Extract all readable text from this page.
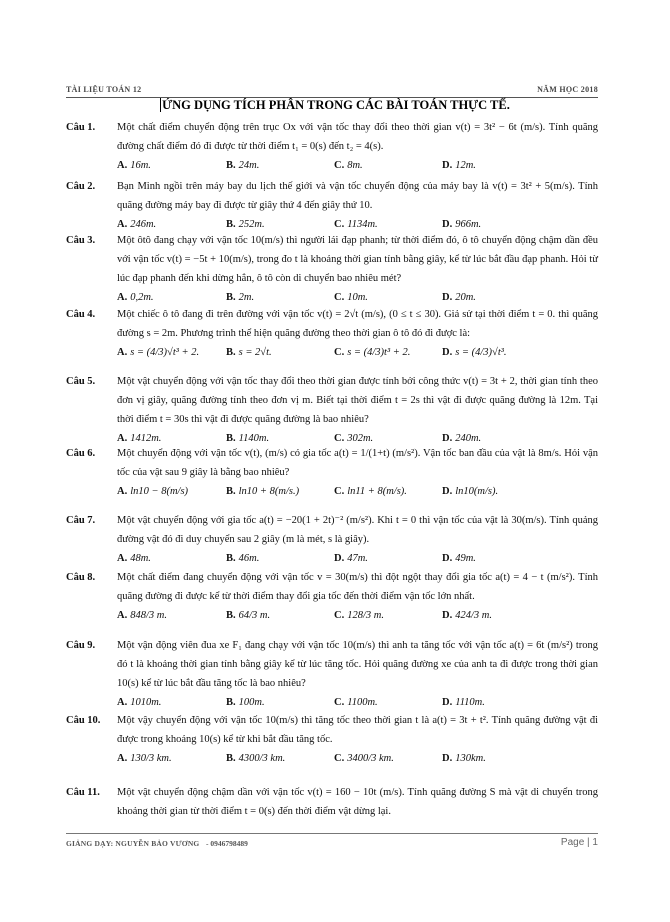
TÀI LIỆU TOÁN 12	NĂM HỌC 2018
ỨNG DỤNG TÍCH PHÂN TRONG CÁC BÀI TOÁN THỰC TẾ.
Câu 1. Một chất điểm chuyển động trên trục Ox với vận tốc thay đổi theo thời gian v(t) = 3t² − 6t (m/s). Tính quãng đường chất điểm đó đi được từ thời điểm t₁ = 0(s) đến t₂ = 4(s).
A. 16m.	B. 24m.	C. 8m.	D. 12m.
Câu 2. Bạn Minh ngồi trên máy bay du lịch thế giới và vận tốc chuyển động của máy bay là v(t) = 3t² + 5(m/s). Tính quãng đường máy bay đi được từ giây thứ 4 đến giây thứ 10.
A. 246m.	B. 252m.	C. 1134m.	D. 966m.
Câu 3. Một ôtô đang chạy với vận tốc 10(m/s) thì người lái đạp phanh; từ thời điểm đó, ô tô chuyển động chậm dần đều với vận tốc v(t) = −5t + 10(m/s), trong đo t là khoảng thời gian tính bằng giây, kể từ lúc bắt đầu đạp phanh. Hỏi từ lúc đạp phanh đến khi dừng hẳn, ô tô còn di chuyển bao nhiêu mét?
A. 0,2m.	B. 2m.	C. 10m.	D. 20m.
Câu 4. Một chiếc ô tô đang đi trên đường với vận tốc v(t) = 2√t (m/s), (0 ≤ t ≤ 30). Giả sử tại thời điểm t = 0. thì quãng đường s = 2m. Phương trình thể hiện quãng đường theo thời gian ô tô đó đi được là:
A. s = (4/3)√t³ + 2.	B. s = 2√t.	C. s = (4/3)t³ + 2.	D. s = (4/3)√t³.
Câu 5. Một vật chuyển động với vận tốc thay đổi theo thời gian được tính bởi công thức v(t) = 3t + 2, thời gian tính theo đơn vị giây, quãng đường tính theo đơn vị m. Biết tại thời điểm t = 2s thì vật đi được quãng đường là 12m. Tại thời điểm t = 30s thì vật đi được quãng đường là bao nhiêu?
A. 1412m.	B. 1140m.	C. 302m.	D. 240m.
Câu 6. Một chuyển động với vận tốc v(t), (m/s) có gia tốc a(t) = 1/(1+t) (m/s²). Vận tốc ban đầu của vật là 8m/s. Hỏi vận tốc của vật sau 9 giây là bằng bao nhiêu?
A. ln10 − 8(m/s)	B. ln10 + 8(m/s.)	C. ln11 + 8(m/s).	D. ln10(m/s).
Câu 7. Một vật chuyển động với gia tốc a(t) = −20(1 + 2t)⁻² (m/s²). Khi t = 0 thì vận tốc của vật là 30(m/s). Tính quảng đường vật đó đi duy chuyển sau 2 giây (m là mét, s là giây).
A. 48m.	B. 46m.	D. 47m.	D. 49m.
Câu 8. Một chất điểm đang chuyển động với vận tốc v = 30(m/s) thì đột ngột thay đổi gia tốc a(t) = 4 − t (m/s²). Tính quãng đường đi được kể từ thời điểm thay đổi gia tốc đến thời điểm vận tốc lớn nhất.
A. 848/3 m.	B. 64/3 m.	C. 128/3 m.	D. 424/3 m.
Câu 9. Một vận động viên đua xe F₁ đang chạy với vận tốc 10(m/s) thì anh ta tăng tốc với vận tốc a(t) = 6t (m/s²) trong đó t là khoảng thời gian tính bằng giây kể từ lúc tăng tốc. Hỏi quãng đường xe của anh ta đi được trong thời gian 10(s) kể từ lúc bắt đầu tăng tốc là bao nhiêu?
A. 1010m.	B. 100m.	C. 1100m.	D. 1110m.
Câu 10. Một vậy chuyển động với vận tốc 10(m/s) thì tăng tốc theo thời gian t là a(t) = 3t + t². Tính quãng đường vật đi được trong khoảng 10(s) kể từ khi bắt đầu tăng tốc.
A. 130/3 km.	B. 4300/3 km.	C. 3400/3 km.	D. 130km.
Câu 11. Một vật chuyển động chậm dần với vận tốc v(t) = 160 − 10t (m/s). Tính quãng đường S mà vật di chuyển trong khoảng thời gian từ thời điểm t = 0(s) đến thời điểm vật dừng lại.
GIẢNG DẠY: NGUYỄN BẢO VƯƠNG - 0946798489	Page | 1
